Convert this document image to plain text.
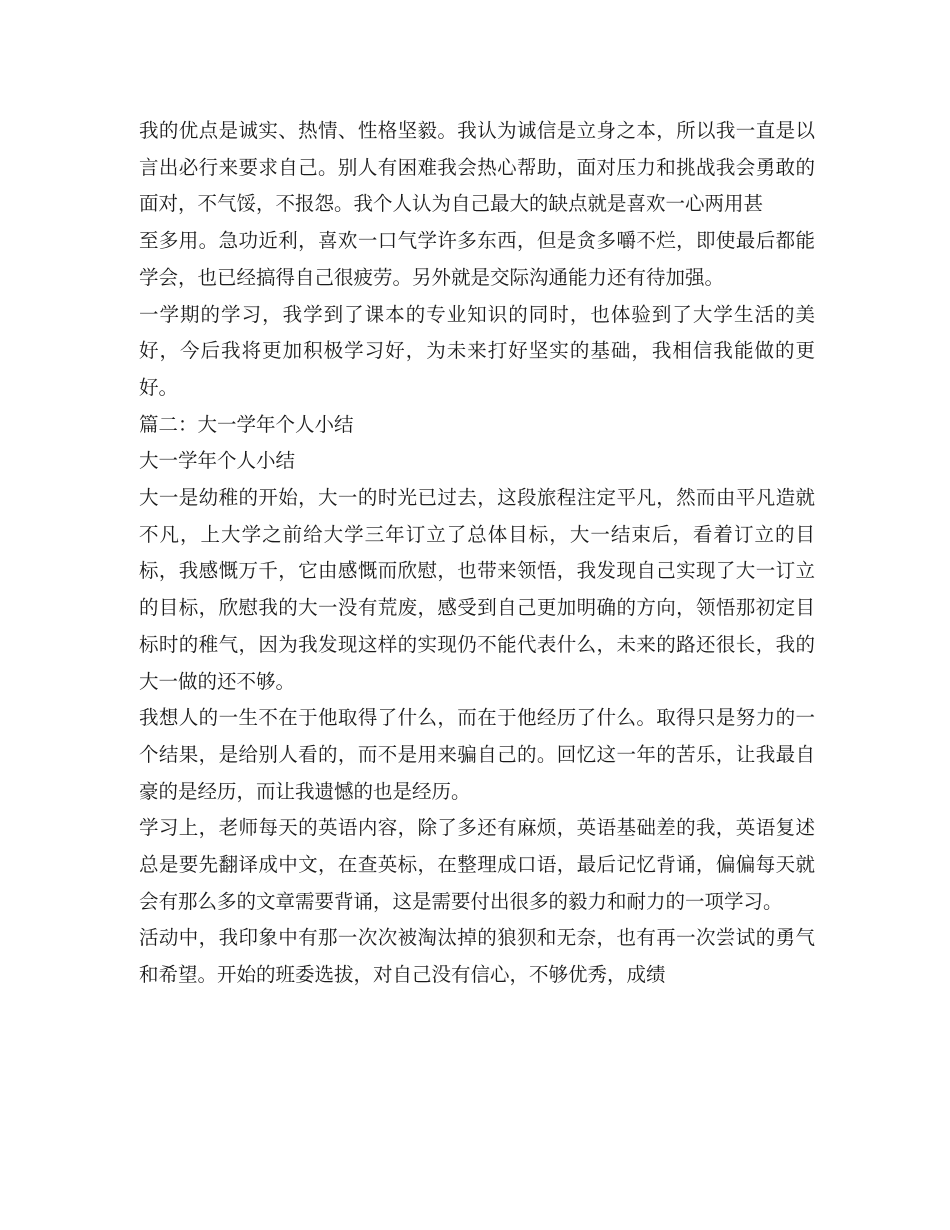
我的优点是诚实、热情、性格坚毅。我认为诚信是立身之本，所以我一直是以言出必行来要求自己。别人有困难我会热心帮助，面对压力和挑战我会勇敢的面对，不气馁，不报怨。我个人认为自己最大的缺点就是喜欢一心两用甚

至多用。急功近利，喜欢一口气学许多东西，但是贪多嚼不烂，即使最后都能学会，也已经搞得自己很疲劳。另外就是交际沟通能力还有待加强。

一学期的学习，我学到了课本的专业知识的同时，也体验到了大学生活的美好，今后我将更加积极学习好，为未来打好坚实的基础，我相信我能做的更好。

篇二：大一学年个人小结

大一学年个人小结

大一是幼稚的开始，大一的时光已过去，这段旅程注定平凡，然而由平凡造就不凡，上大学之前给大学三年订立了总体目标，大一结束后，看着订立的目标，我感慨万千，它由感慨而欣慰，也带来领悟，我发现自己实现了大一订立的目标，欣慰我的大一没有荒废，感受到自己更加明确的方向，领悟那初定目标时的稚气，因为我发现这样的实现仍不能代表什么，未来的路还很长，我的大一做的还不够。

我想人的一生不在于他取得了什么，而在于他经历了什么。取得只是努力的一个结果，是给别人看的，而不是用来骗自己的。回忆这一年的苦乐，让我最自豪的是经历，而让我遗憾的也是经历。

学习上，老师每天的英语内容，除了多还有麻烦，英语基础差的我，英语复述总是要先翻译成中文，在查英标，在整理成口语，最后记忆背诵，偏偏每天就会有那么多的文章需要背诵，这是需要付出很多的毅力和耐力的一项学习。

活动中，我印象中有那一次次被淘汰掉的狼狈和无奈，也有再一次尝试的勇气和希望。开始的班委选拔，对自己没有信心，不够优秀，成绩
